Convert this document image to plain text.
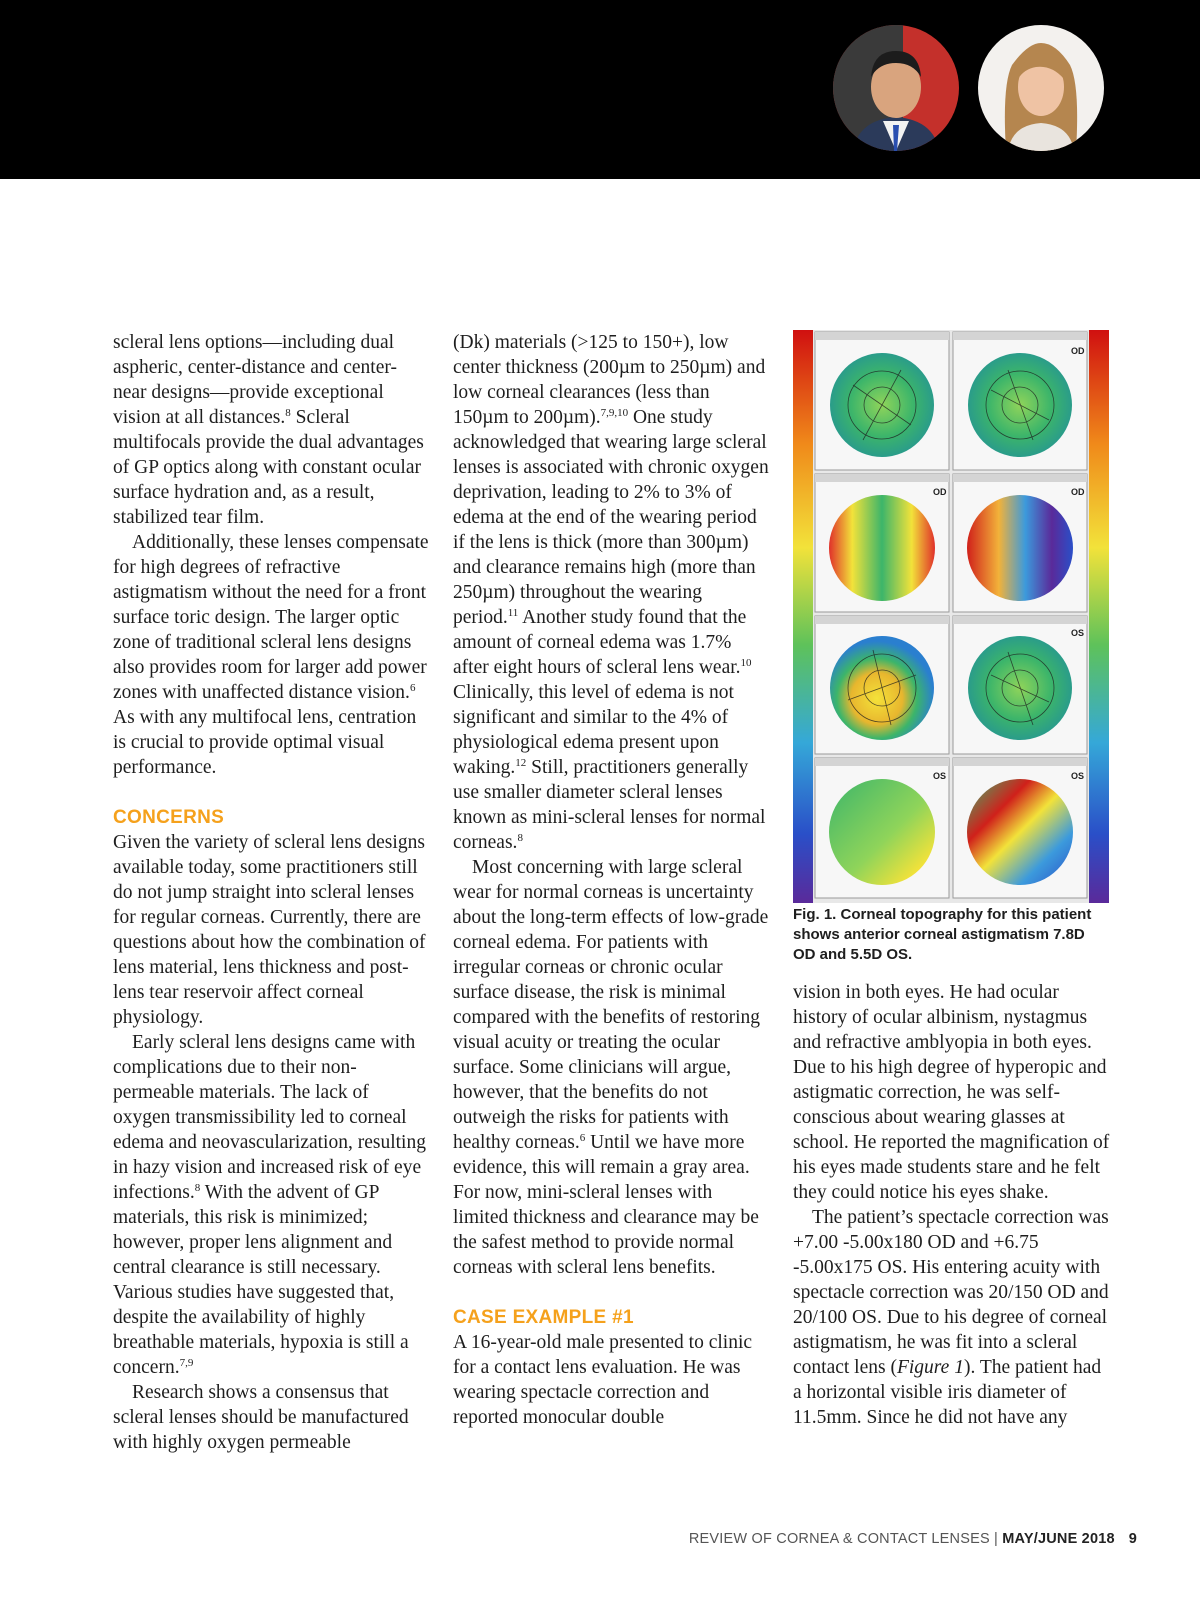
scleral lens options—including dual aspheric, center-distance and center-near designs—provide exceptional vision at all distances.$^8$ Scleral multifocals provide the dual advantages of GP optics along with constant ocular surface hydration and, as a result, stabilized tear film.

Additionally, these lenses compensate for high degrees of refractive astigmatism without the need for a front surface toric design. The larger optic zone of traditional scleral lens designs also provides room for larger add power zones with unaffected distance vision.$^6$ As with any multifocal lens, centration is crucial to provide optimal visual performance.

CONCERNS

Given the variety of scleral lens designs available today, some practitioners still do not jump straight into scleral lenses for regular corneas. Currently, there are questions about how the combination of lens material, lens thickness and post-lens tear reservoir affect corneal physiology.

Early scleral lens designs came with complications due to their non-permeable materials. The lack of oxygen transmissibility led to corneal edema and neovascularization, resulting in hazy vision and increased risk of eye infections.$^8$ With the advent of GP materials, this risk is minimized; however, proper lens alignment and central clearance is still necessary. Various studies have suggested that, despite the availability of highly breathable materials, hypoxia is still a concern.$^{7,9}$

Research shows a consensus that scleral lenses should be manufactured with highly oxygen permeable

(Dk) materials (>125 to 150+), low center thickness (200µm to 250µm) and low corneal clearances (less than 150µm to 200µm).$^{7,9,10}$ One study acknowledged that wearing large scleral lenses is associated with chronic oxygen deprivation, leading to 2% to 3% of edema at the end of the wearing period if the lens is thick (more than 300µm) and clearance remains high (more than 250µm) throughout the wearing period.$^{11}$ Another study found that the amount of corneal edema was 1.7% after eight hours of scleral lens wear.$^{10}$ Clinically, this level of edema is not significant and similar to the 4% of physiological edema present upon waking.$^{12}$ Still, practitioners generally use smaller diameter scleral lenses known as mini-scleral lenses for normal corneas.$^8$

Most concerning with large scleral wear for normal corneas is uncertainty about the long-term effects of low-grade corneal edema. For patients with irregular corneas or chronic ocular surface disease, the risk is minimal compared with the benefits of restoring visual acuity or treating the ocular surface. Some clinicians will argue, however, that the benefits do not outweigh the risks for patients with healthy corneas.$^6$ Until we have more evidence, this will remain a gray area. For now, mini-scleral lenses with limited thickness and clearance may be the safest method to provide normal corneas with scleral lens benefits.

CASE EXAMPLE #1

A 16-year-old male presented to clinic for a contact lens evaluation. He was wearing spectacle correction and reported monocular double

OD
OD	OD
OS
OS	OS
Fig. 1. Corneal topography for this patient shows anterior corneal astigmatism 7.8D OD and 5.5D OS.

vision in both eyes. He had ocular history of ocular albinism, nystagmus and refractive amblyopia in both eyes. Due to his high degree of hyperopic and astigmatic correction, he was self-conscious about wearing glasses at school. He reported the magnification of his eyes made students stare and he felt they could notice his eyes shake.

The patient’s spectacle correction was +7.00 -5.00x180 OD and +6.75 -5.00x175 OS. His entering acuity with spectacle correction was 20/150 OD and 20/100 OS. Due to his degree of corneal astigmatism, he was fit into a scleral contact lens (Figure 1). The patient had a horizontal visible iris diameter of 11.5mm. Since he did not have any

REVIEW OF CORNEA & CONTACT LENSES | MAY/JUNE 2018 9
